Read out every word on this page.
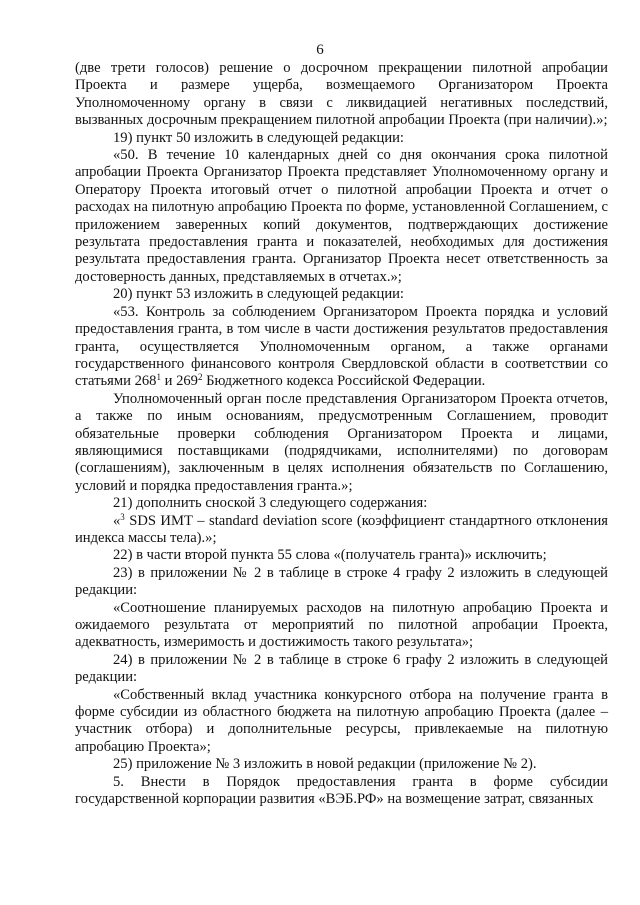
6

(две трети голосов) решение о досрочном прекращении пилотной апробации Проекта и размере ущерба, возмещаемого Организатором Проекта Уполномоченному органу в связи с ликвидацией негативных последствий, вызванных досрочным прекращением пилотной апробации Проекта (при наличии).»;

19) пункт 50 изложить в следующей редакции:

«50. В течение 10 календарных дней со дня окончания срока пилотной апробации Проекта Организатор Проекта представляет Уполномоченному органу и Оператору Проекта итоговый отчет о пилотной апробации Проекта и отчет о расходах на пилотную апробацию Проекта по форме, установленной Соглашением, с приложением заверенных копий документов, подтверждающих достижение результата предоставления гранта и показателей, необходимых для достижения результата предоставления гранта. Организатор Проекта несет ответственность за достоверность данных, представляемых в отчетах.»;

20) пункт 53 изложить в следующей редакции:

«53. Контроль за соблюдением Организатором Проекта порядка и условий предоставления гранта, в том числе в части достижения результатов предоставления гранта, осуществляется Уполномоченным органом, а также органами государственного финансового контроля Свердловской области в соответствии со статьями $268^1$ и $269^2$ Бюджетного кодекса Российской Федерации.

Уполномоченный орган после представления Организатором Проекта отчетов, а также по иным основаниям, предусмотренным Соглашением, проводит обязательные проверки соблюдения Организатором Проекта и лицами, являющимися поставщиками (подрядчиками, исполнителями) по договорам (соглашениям), заключенным в целях исполнения обязательств по Соглашению, условий и порядка предоставления гранта.»;

21) дополнить сноской 3 следующего содержания:

«$^3$ SDS ИМТ – standard deviation score (коэффициент стандартного отклонения индекса массы тела).»;

22) в части второй пункта 55 слова «(получатель гранта)» исключить;

23) в приложении № 2 в таблице в строке 4 графу 2 изложить в следующей редакции:

«Соотношение планируемых расходов на пилотную апробацию Проекта и ожидаемого результата от мероприятий по пилотной апробации Проекта, адекватность, измеримость и достижимость такого результата»;

24) в приложении № 2 в таблице в строке 6 графу 2 изложить в следующей редакции:

«Собственный вклад участника конкурсного отбора на получение гранта в форме субсидии из областного бюджета на пилотную апробацию Проекта (далее – участник отбора) и дополнительные ресурсы, привлекаемые на пилотную апробацию Проекта»;

25) приложение № 3 изложить в новой редакции (приложение № 2).

5. Внести в Порядок предоставления гранта в форме субсидии государственной корпорации развития «ВЭБ.РФ» на возмещение затрат, связанных
